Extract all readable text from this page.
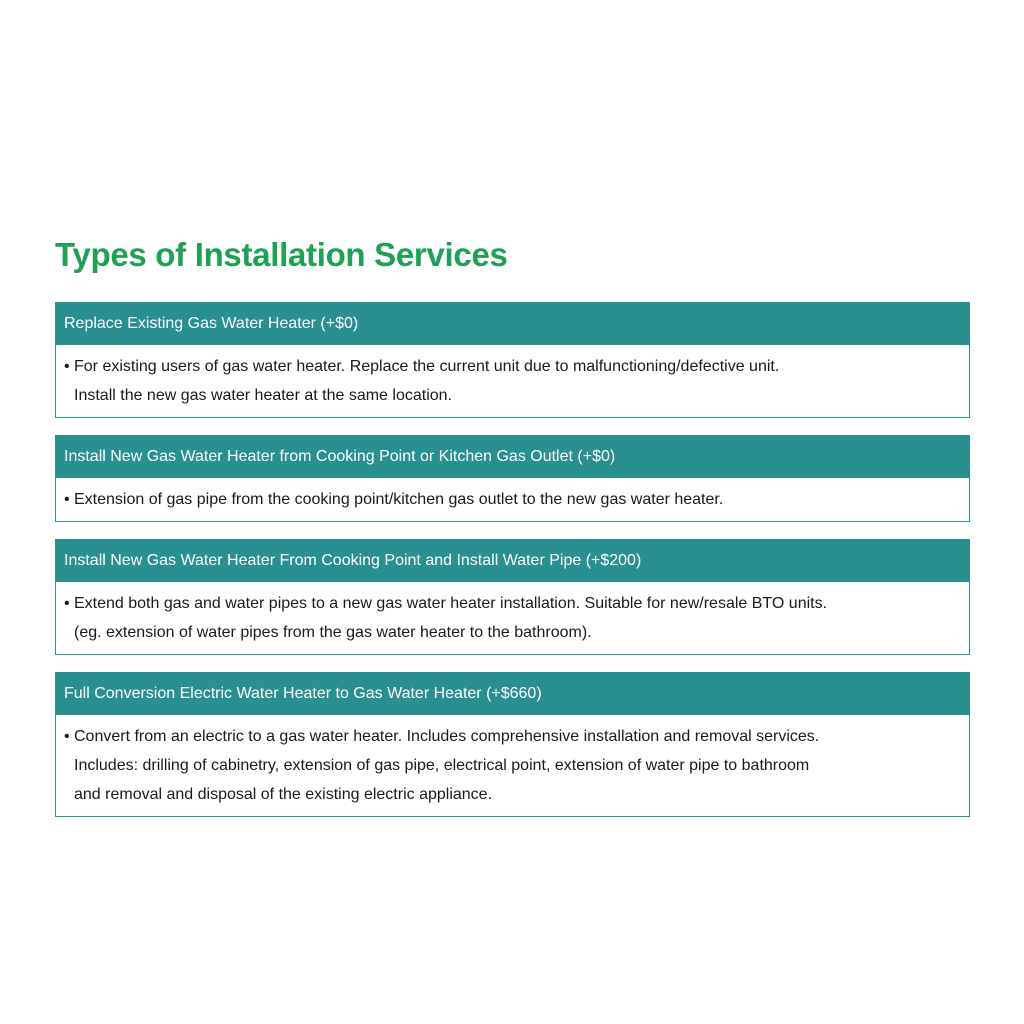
Types of Installation Services
Replace Existing Gas Water Heater (+$0)
• For existing users of gas water heater. Replace the current unit due to malfunctioning/defective unit.
Install the new gas water heater at the same location.
Install New Gas Water Heater from Cooking Point or Kitchen Gas Outlet (+$0)
• Extension of gas pipe from the cooking point/kitchen gas outlet to the new gas water heater.
Install New Gas Water Heater From Cooking Point and Install Water Pipe (+$200)
• Extend both gas and water pipes to a new gas water heater installation. Suitable for new/resale BTO units.
(eg. extension of water pipes from the gas water heater to the bathroom).
Full Conversion Electric Water Heater to Gas Water Heater (+$660)
• Convert from an electric to a gas water heater. Includes comprehensive installation and removal services.
Includes: drilling of cabinetry, extension of gas pipe, electrical point, extension of water pipe to bathroom
and removal and disposal of the existing electric appliance.
